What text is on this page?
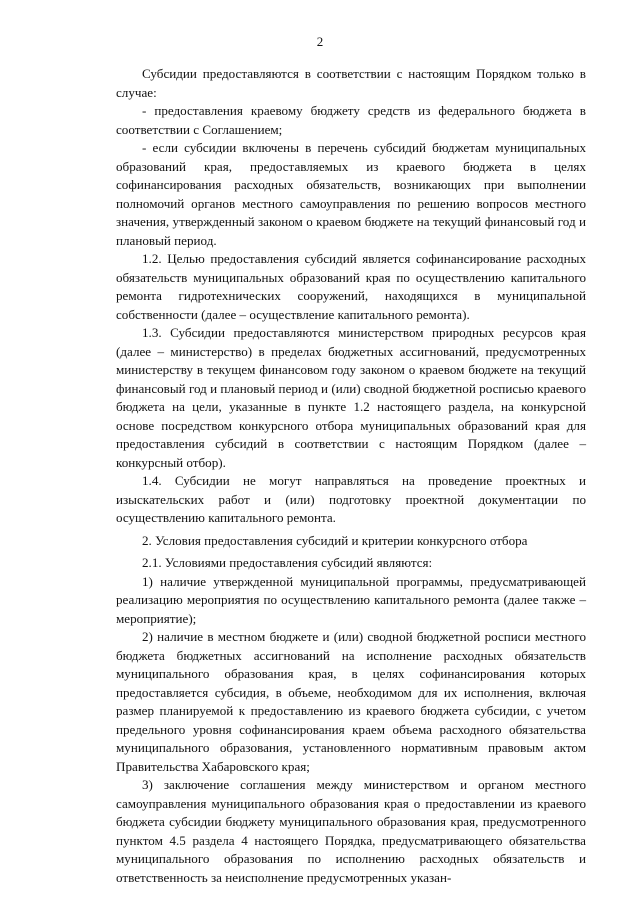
2

Субсидии предоставляются в соответствии с настоящим Порядком только в случае:

- предоставления краевому бюджету средств из федерального бюджета в соответствии с Соглашением;

- если субсидии включены в перечень субсидий бюджетам муниципальных образований края, предоставляемых из краевого бюджета в целях софинансирования расходных обязательств, возникающих при выполнении полномочий органов местного самоуправления по решению вопросов местного значения, утвержденный законом о краевом бюджете на текущий финансовый год и плановый период.

1.2. Целью предоставления субсидий является софинансирование расходных обязательств муниципальных образований края по осуществлению капитального ремонта гидротехнических сооружений, находящихся в муниципальной собственности (далее – осуществление капитального ремонта).

1.3. Субсидии предоставляются министерством природных ресурсов края (далее – министерство) в пределах бюджетных ассигнований, предусмотренных министерству в текущем финансовом году законом о краевом бюджете на текущий финансовый год и плановый период и (или) сводной бюджетной росписью краевого бюджета на цели, указанные в пункте 1.2 настоящего раздела, на конкурсной основе посредством конкурсного отбора муниципальных образований края для предоставления субсидий в соответствии с настоящим Порядком (далее – конкурсный отбор).

1.4. Субсидии не могут направляться на проведение проектных и изыскательских работ и (или) подготовку проектной документации по осуществлению капитального ремонта.

2. Условия предоставления субсидий и критерии конкурсного отбора

2.1. Условиями предоставления субсидий являются:

1) наличие утвержденной муниципальной программы, предусматривающей реализацию мероприятия по осуществлению капитального ремонта (далее также – мероприятие);

2) наличие в местном бюджете и (или) сводной бюджетной росписи местного бюджета бюджетных ассигнований на исполнение расходных обязательств муниципального образования края, в целях софинансирования которых предоставляется субсидия, в объеме, необходимом для их исполнения, включая размер планируемой к предоставлению из краевого бюджета субсидии, с учетом предельного уровня софинансирования краем объема расходного обязательства муниципального образования, установленного нормативным правовым актом Правительства Хабаровского края;

3) заключение соглашения между министерством и органом местного самоуправления муниципального образования края о предоставлении из краевого бюджета субсидии бюджету муниципального образования края, предусмотренного пунктом 4.5 раздела 4 настоящего Порядка, предусматривающего обязательства муниципального образования по исполнению расходных обязательств и ответственность за неисполнение предусмотренных указан-
